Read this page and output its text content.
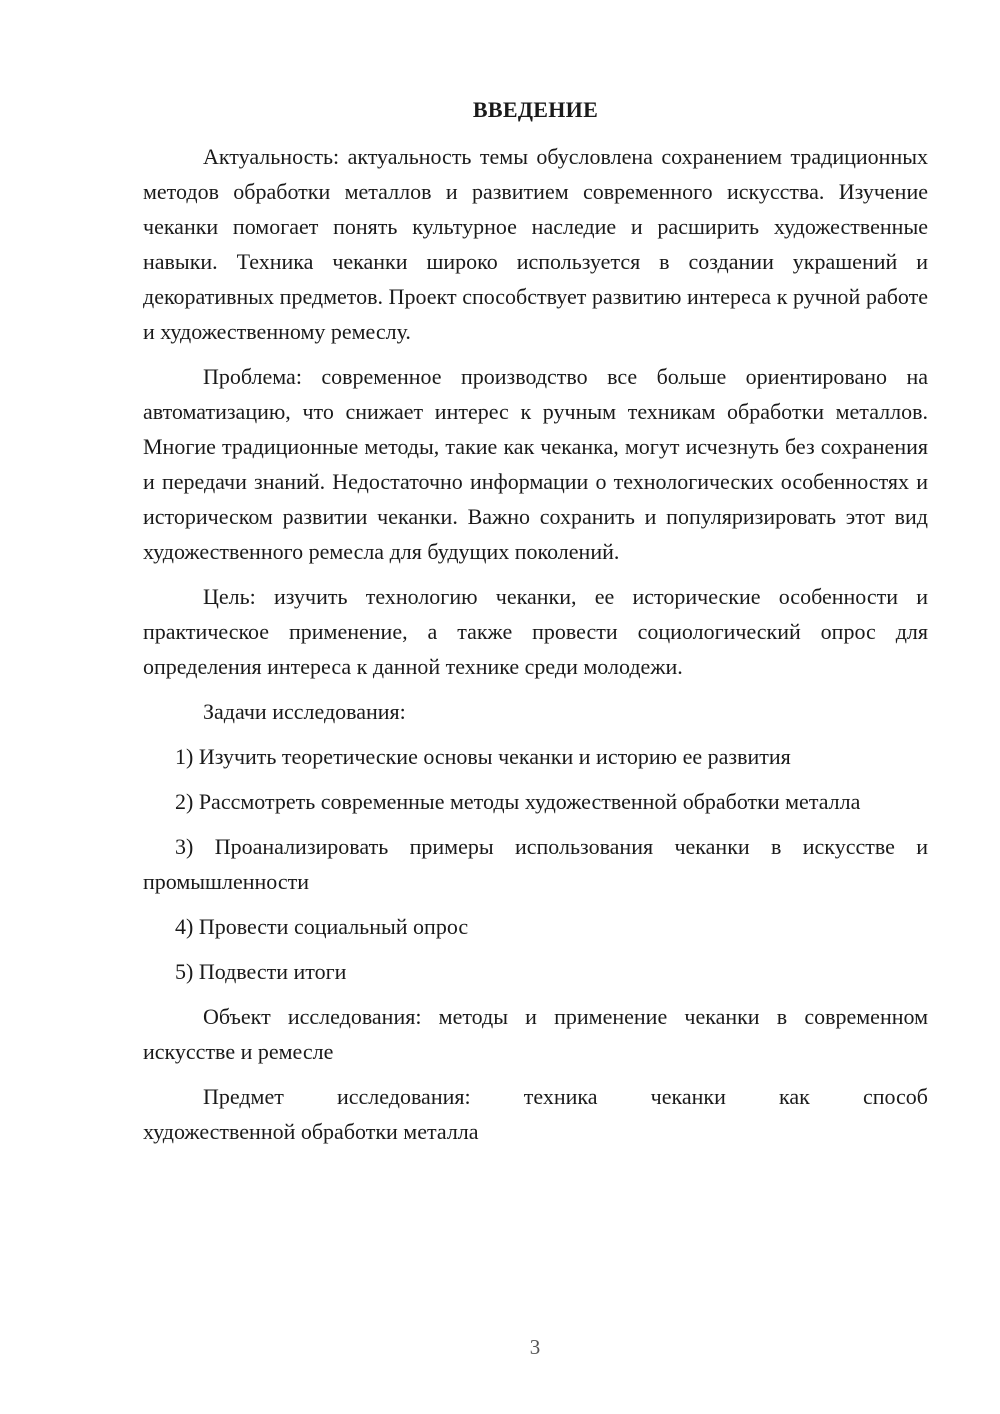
ВВЕДЕНИЕ

Актуальность: актуальность темы обусловлена сохранением традиционных методов обработки металлов и развитием современного искусства. Изучение чеканки помогает понять культурное наследие и расширить художественные навыки. Техника чеканки широко используется в создании украшений и декоративных предметов. Проект способствует развитию интереса к ручной работе и художественному ремеслу.

Проблема: современное производство все больше ориентировано на автоматизацию, что снижает интерес к ручным техникам обработки металлов. Многие традиционные методы, такие как чеканка, могут исчезнуть без сохранения и передачи знаний. Недостаточно информации о технологических особенностях и историческом развитии чеканки. Важно сохранить и популяризировать этот вид художественного ремесла для будущих поколений.

Цель: изучить технологию чеканки, ее исторические особенности и практическое применение, а также провести социологический опрос для определения интереса к данной технике среди молодежи.

Задачи исследования:

1) Изучить теоретические основы чеканки и историю ее развития

2) Рассмотреть современные методы художественной обработки металла

3) Проанализировать примеры использования чеканки в искусстве и промышленности

4) Провести социальный опрос

5) Подвести итоги

Объект исследования: методы и применение чеканки в современном искусстве и ремесле

Предмет исследования: техника чеканки как способ

художественной обработки металла

3
